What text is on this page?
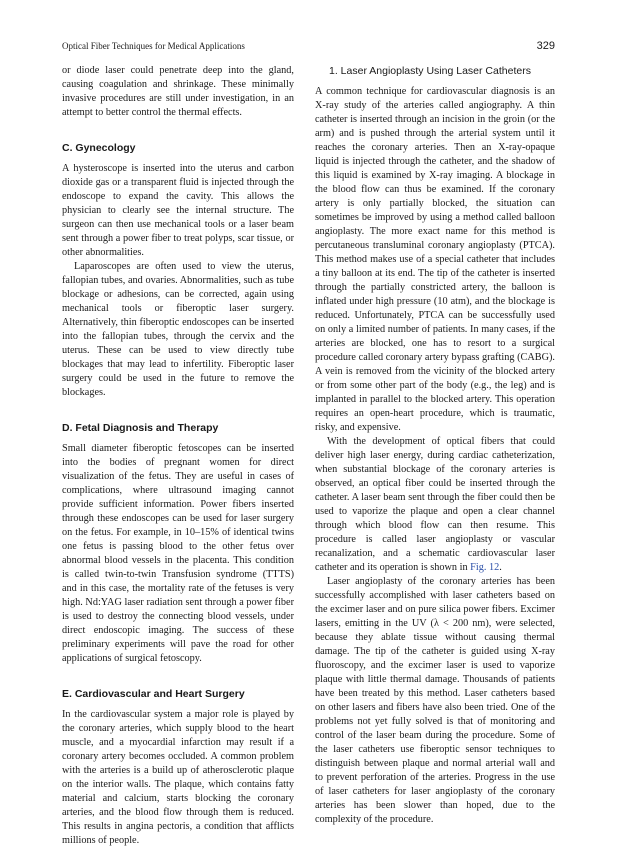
Optical Fiber Techniques for Medical Applications	329

or diode laser could penetrate deep into the gland, causing coagulation and shrinkage. These minimally invasive procedures are still under investigation, in an attempt to better control the thermal effects.

C. Gynecology

A hysteroscope is inserted into the uterus and carbon dioxide gas or a transparent fluid is injected through the endoscope to expand the cavity. This allows the physician to clearly see the internal structure. The surgeon can then use mechanical tools or a laser beam sent through a power fiber to treat polyps, scar tissue, or other abnormalities.

Laparoscopes are often used to view the uterus, fallopian tubes, and ovaries. Abnormalities, such as tube blockage or adhesions, can be corrected, again using mechanical tools or fiberoptic laser surgery. Alternatively, thin fiberoptic endoscopes can be inserted into the fallopian tubes, through the cervix and the uterus. These can be used to view directly tube blockages that may lead to infertility. Fiberoptic laser surgery could be used in the future to remove the blockages.

D. Fetal Diagnosis and Therapy

Small diameter fiberoptic fetoscopes can be inserted into the bodies of pregnant women for direct visualization of the fetus. They are useful in cases of complications, where ultrasound imaging cannot provide sufficient information. Power fibers inserted through these endoscopes can be used for laser surgery on the fetus. For example, in 10–15% of identical twins one fetus is passing blood to the other fetus over abnormal blood vessels in the placenta. This condition is called twin-to-twin Transfusion syndrome (TTTS) and in this case, the mortality rate of the fetuses is very high. Nd:YAG laser radiation sent through a power fiber is used to destroy the connecting blood vessels, under direct endoscopic imaging. The success of these preliminary experiments will pave the road for other applications of surgical fetoscopy.

E. Cardiovascular and Heart Surgery

In the cardiovascular system a major role is played by the coronary arteries, which supply blood to the heart muscle, and a myocardial infarction may result if a coronary artery becomes occluded. A common problem with the arteries is a build up of atherosclerotic plaque on the interior walls. The plaque, which contains fatty material and calcium, starts blocking the coronary arteries, and the blood flow through them is reduced. This results in angina pectoris, a condition that afflicts millions of people.

1. Laser Angioplasty Using Laser Catheters

A common technique for cardiovascular diagnosis is an X-ray study of the arteries called angiography. A thin catheter is inserted through an incision in the groin (or the arm) and is pushed through the arterial system until it reaches the coronary arteries. Then an X-ray-opaque liquid is injected through the catheter, and the shadow of this liquid is examined by X-ray imaging. A blockage in the blood flow can thus be examined. If the coronary artery is only partially blocked, the situation can sometimes be improved by using a method called balloon angioplasty. The more exact name for this method is percutaneous transluminal coronary angioplasty (PTCA). This method makes use of a special catheter that includes a tiny balloon at its end. The tip of the catheter is inserted through the partially constricted artery, the balloon is inflated under high pressure (10 atm), and the blockage is reduced. Unfortunately, PTCA can be successfully used on only a limited number of patients. In many cases, if the arteries are blocked, one has to resort to a surgical procedure called coronary artery bypass grafting (CABG). A vein is removed from the vicinity of the blocked artery or from some other part of the body (e.g., the leg) and is implanted in parallel to the blocked artery. This operation requires an open-heart procedure, which is traumatic, risky, and expensive.

With the development of optical fibers that could deliver high laser energy, during cardiac catheterization, when substantial blockage of the coronary arteries is observed, an optical fiber could be inserted through the catheter. A laser beam sent through the fiber could then be used to vaporize the plaque and open a clear channel through which blood flow can then resume. This procedure is called laser angioplasty or vascular recanalization, and a schematic cardiovascular laser catheter and its operation is shown in Fig. 12.

Laser angioplasty of the coronary arteries has been successfully accomplished with laser catheters based on the excimer laser and on pure silica power fibers. Excimer lasers, emitting in the UV (λ < 200 nm), were selected, because they ablate tissue without causing thermal damage. The tip of the catheter is guided using X-ray fluoroscopy, and the excimer laser is used to vaporize plaque with little thermal damage. Thousands of patients have been treated by this method. Laser catheters based on other lasers and fibers have also been tried. One of the problems not yet fully solved is that of monitoring and control of the laser beam during the procedure. Some of the laser catheters use fiberoptic sensor techniques to distinguish between plaque and normal arterial wall and to prevent perforation of the arteries. Progress in the use of laser catheters for laser angioplasty of the coronary arteries has been slower than hoped, due to the complexity of the procedure.
